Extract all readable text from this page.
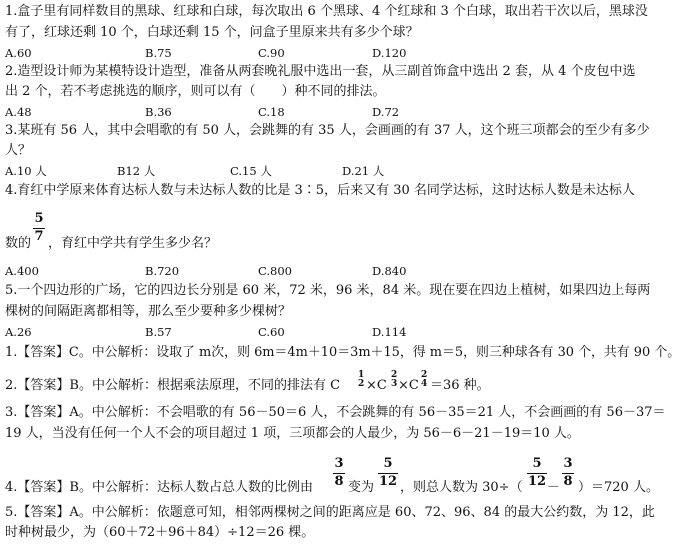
1.盒子里有同样数目的黑球、红球和白球，每次取出 6 个黑球、4 个红球和 3 个白球，取出若干次以后，黑球没
有了，红球还剩 10 个，白球还剩 15 个，问盒子里原来共有多少个球？
A.60	B.75	C.90	D.120
2.造型设计师为某模特设计造型，准备从两套晚礼服中选出一套，从三副首饰盒中选出 2 套，从 4 个皮包中选
出 2 个，若不考虑挑选的顺序，则可以有（　　）种不同的排法。
A.48	B.36	C.18	D.72
3.某班有 56 人，其中会唱歌的有 50 人，会跳舞的有 35 人，会画画的有 37 人，这个班三项都会的至少有多少
人？
A.10 人	B12 人	C.15 人	D.21 人
4.育红中学原来体育达标人数与未达标人数的比是 3∶5，后来又有 30 名同学达标，这时达标人数是未达标人
数的
5
7 ，育红中学共有学生多少名？
A.400	B.720	C.800	D.840
5.一个四边形的广场，它的四边长分别是 60 米，72 米，96 米，84 米。现在要在四边上植树，如果四边上每两
棵树的间隔距离都相等，那么至少要种多少棵树？
A.26	B.57	C.60	D.114
1.【答案】C。中公解析：设取了 m次，则 6m＝4m＋10＝3m＋15，得 m＝5，则三种球各有 30 个，共有 90 个。
2.【答案】B。中公解析：根据乘法原理，不同的排法有 C
1
2 ×C
2
3 ×C
2
4 ＝36 种。
3.【答案】A。中公解析：不会唱歌的有 56－50＝6 人，不会跳舞的有 56－35＝21 人，不会画画的有 56－37＝
19 人，当没有任何一个人不会的项目超过 1 项，三项都会的人最少，为 56－6－21－19＝10 人。
4.【答案】B。中公解析：达标人数占总人数的比例由
3
8 变为
5
12 ，则总人数为 30÷（
5
12 －
3
8 ）＝720 人。
5.【答案】A。中公解析：依题意可知，相邻两棵树之间的距离应是 60、72、96、84 的最大公约数，为 12，此
时种树最少，为（60＋72＋96＋84）÷12＝26 棵。
